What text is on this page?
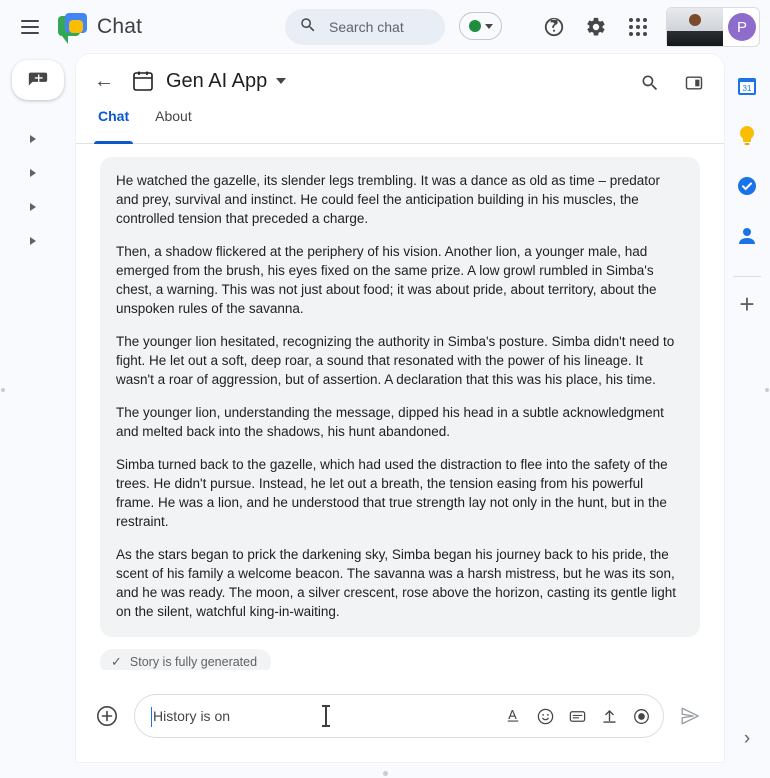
Chat
Search chat	P
31
+
›
←	Gen AI App
Chat About

He watched the gazelle, its slender legs trembling. It was a dance as old as time – predator and prey, survival and instinct. He could feel the anticipation building in his muscles, the controlled tension that preceded a charge.

Then, a shadow flickered at the periphery of his vision. Another lion, a younger male, had emerged from the brush, his eyes fixed on the same prize. A low growl rumbled in Simba's chest, a warning. This was not just about food; it was about pride, about territory, about the unspoken rules of the savanna.

The younger lion hesitated, recognizing the authority in Simba's posture. Simba didn't need to fight. He let out a soft, deep roar, a sound that resonated with the power of his lineage. It wasn't a roar of aggression, but of assertion. A declaration that this was his place, his time.

The younger lion, understanding the message, dipped his head in a subtle acknowledgment and melted back into the shadows, his hunt abandoned.

Simba turned back to the gazelle, which had used the distraction to flee into the safety of the trees. He didn't pursue. Instead, he let out a breath, the tension easing from his powerful frame. He was a lion, and he understood that true strength lay not only in the hunt, but in the restraint.

As the stars began to prick the darkening sky, Simba began his journey back to his pride, the scent of his family a welcome beacon. The savanna was a harsh mistress, but he was its son, and he was ready. The moon, a silver crescent, rose above the horizon, casting its gentle light on the silent, watchful king-in-waiting.

✓ Story is fully generated
History is on
